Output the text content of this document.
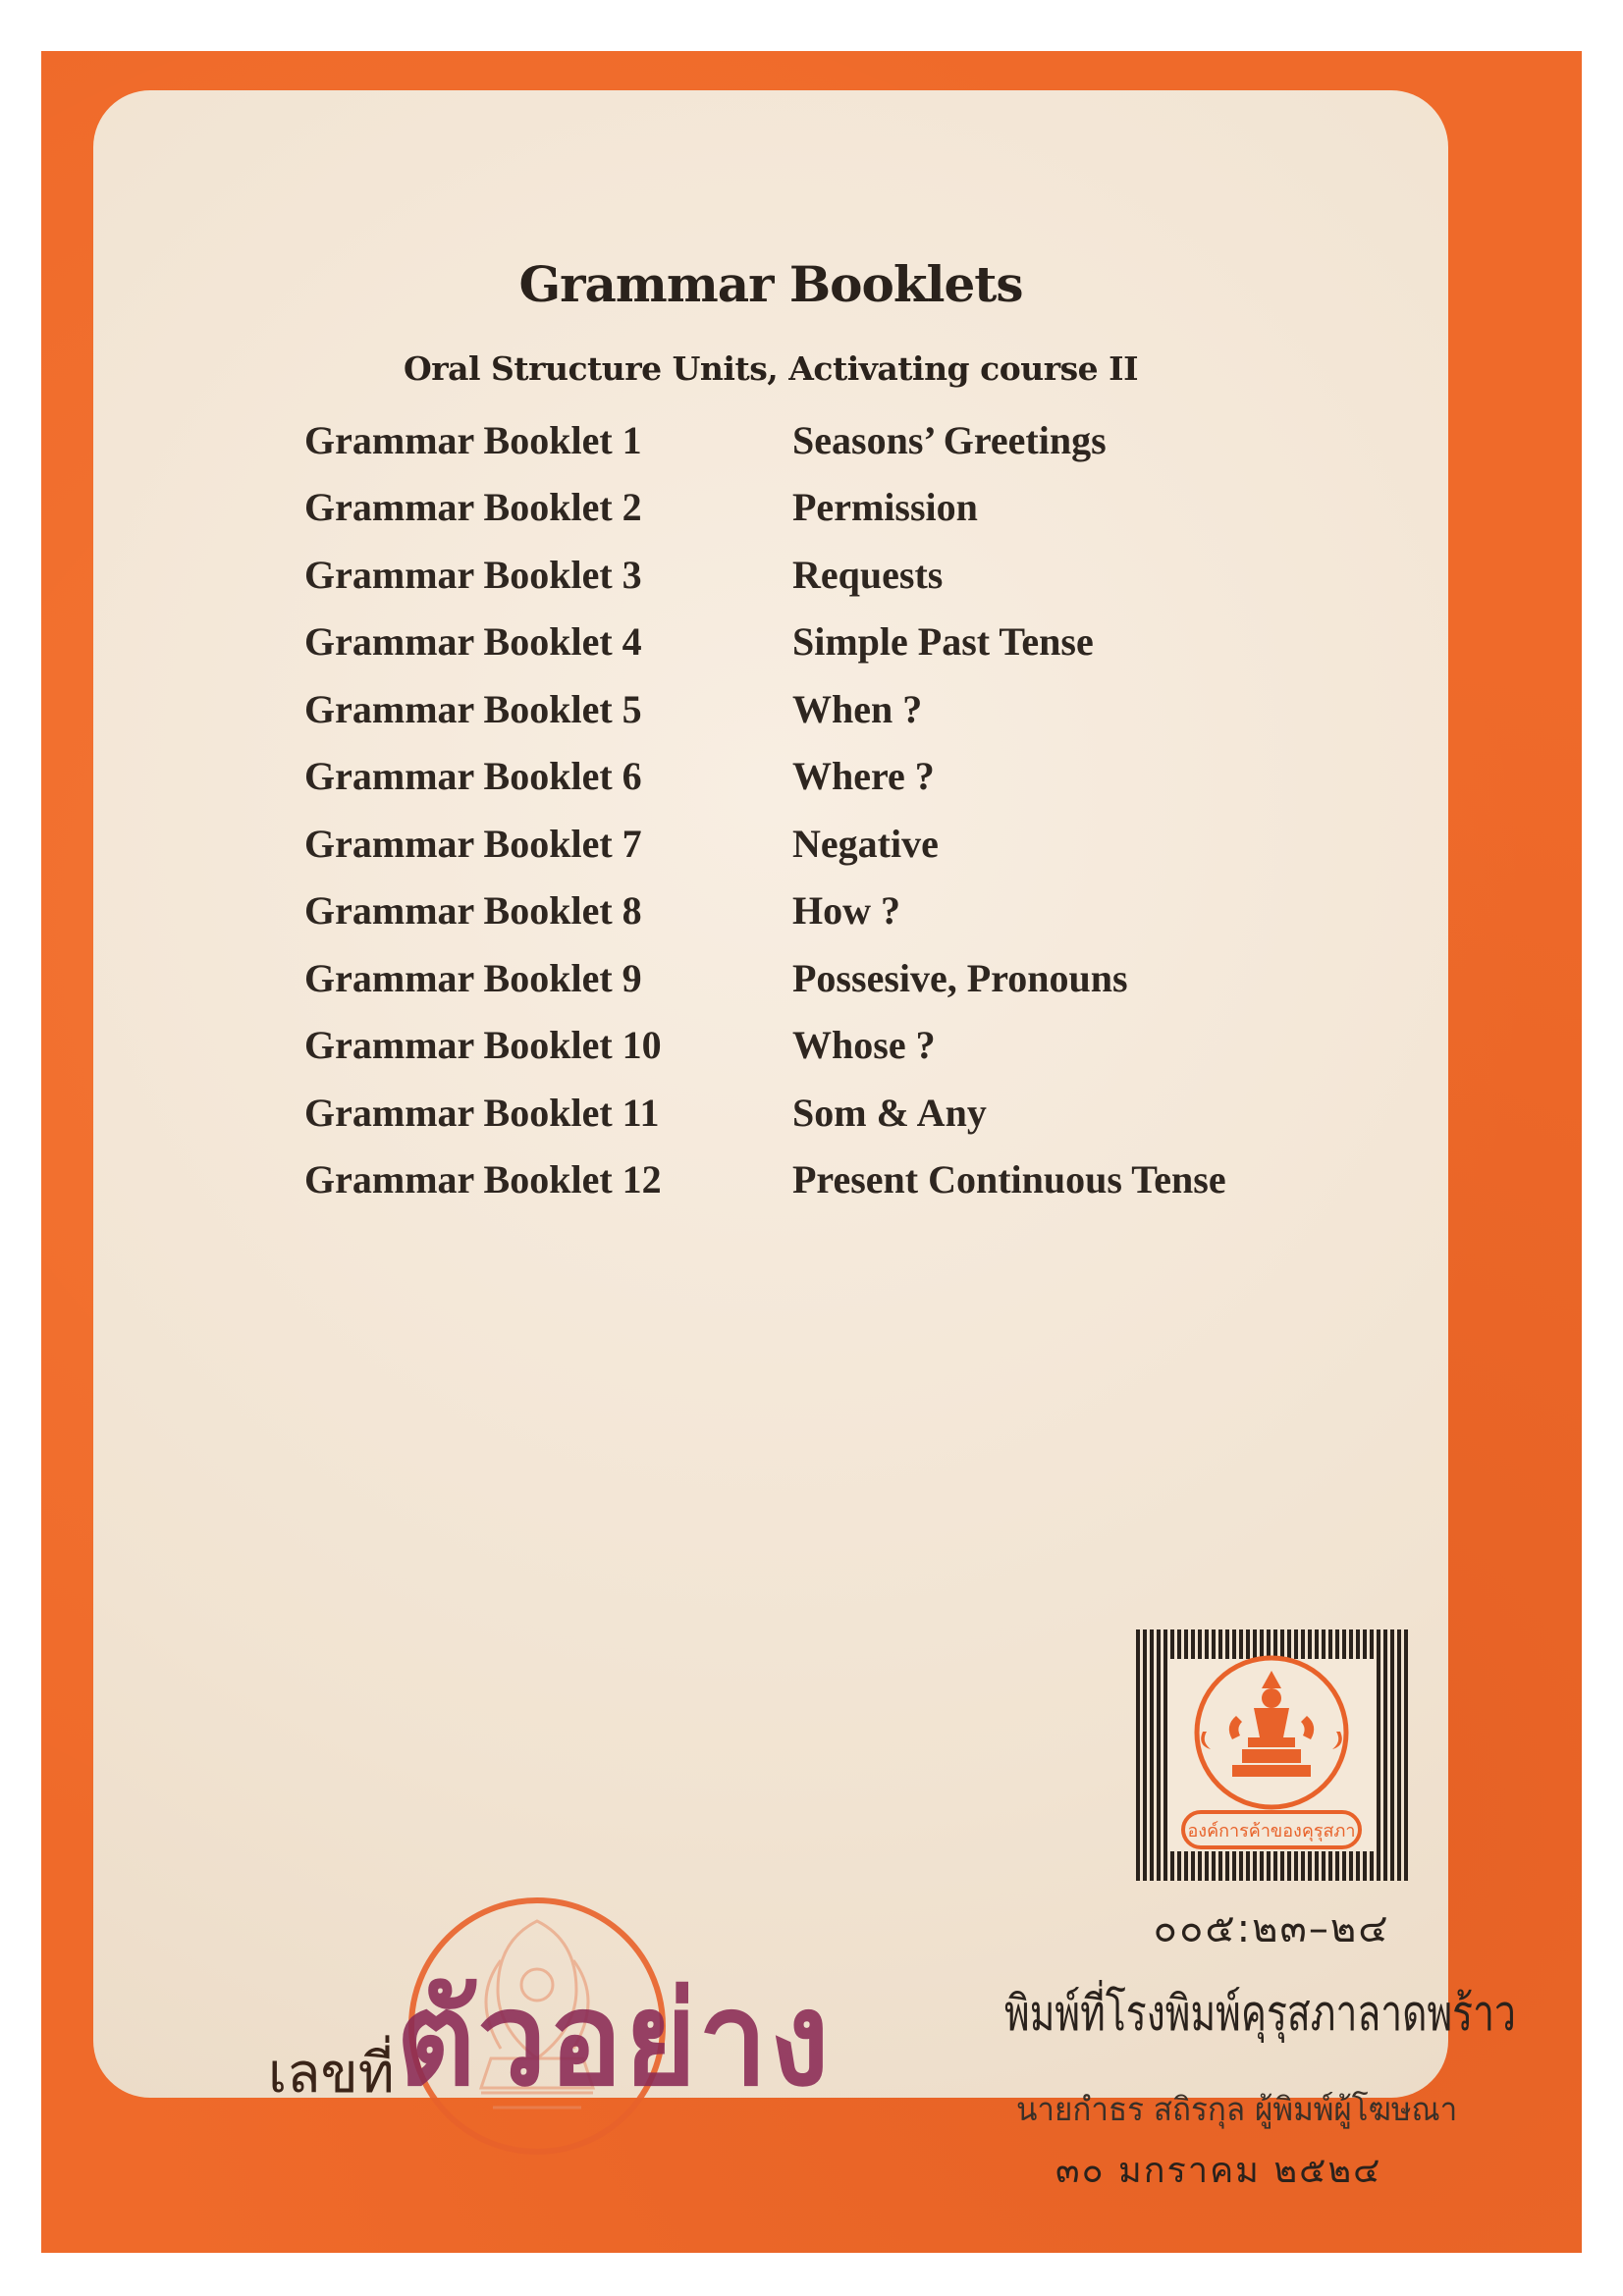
Grammar Booklets
Oral Structure Units, Activating course II
Grammar Booklet 1	Seasons’ Greetings
Grammar Booklet 2	Permission
Grammar Booklet 3	Requests
Grammar Booklet 4	Simple Past Tense
Grammar Booklet 5	When ?
Grammar Booklet 6	Where ?
Grammar Booklet 7	Negative
Grammar Booklet 8	How ?
Grammar Booklet 9	Possesive, Pronouns
Grammar Booklet 10	Whose ?
Grammar Booklet 11	Som & Any
Grammar Booklet 12	Present Continuous Tense
องค์การค้าของคุรุสภา
๐๐๕:๒๓–๒๔
พิมพ์ที่โรงพิมพ์คุรุสภาลาดพร้าว
นายกำธร สถิรกุล ผู้พิมพ์ผู้โฆษณา
๓๐ มกราคม ๒๕๒๔
เลขที่ ตัวอย่าง
